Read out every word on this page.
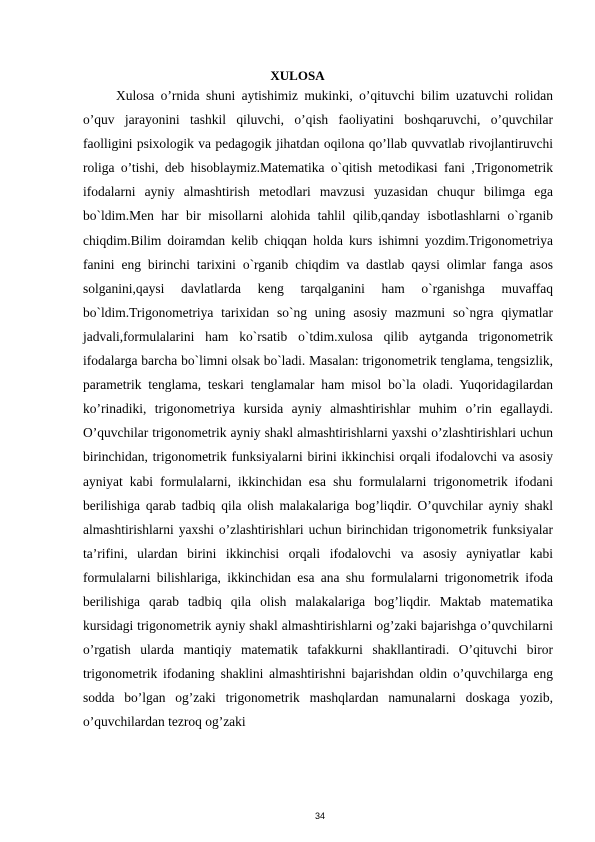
XULOSA

Xulosa o’rnida shuni aytishimiz mukinki, o’qituvchi bilim uzatuvchi rolidan o’quv jarayonini tashkil qiluvchi, o’qish faoliyatini boshqaruvchi, o’quvchilar faolligini psixologik va pedagogik jihatdan oqilona qo’llab quvvatlab rivojlantiruvchi roliga o’tishi, deb hisoblaymiz.Matematika o`qitish metodikasi fani ,Trigonometrik ifodalarni ayniy almashtirish metodlari mavzusi yuzasidan chuqur bilimga ega bo`ldim.Men har bir misollarni alohida tahlil qilib,qanday isbotlashlarni o`rganib chiqdim.Bilim doiramdan kelib chiqqan holda kurs ishimni yozdim.Trigonometriya fanini eng birinchi tarixini o`rganib chiqdim va dastlab qaysi olimlar fanga asos solganini,qaysi davlatlarda keng tarqalganini ham o`rganishga muvaffaq bo`ldim.Trigonometriya tarixidan so`ng uning asosiy mazmuni so`ngra qiymatlar jadvali,formulalarini ham ko`rsatib o`tdim.xulosa qilib aytganda trigonometrik ifodalarga barcha bo`limni olsak bo`ladi. Masalan: trigonometrik tenglama, tengsizlik, parametrik tenglama, teskari tenglamalar ham misol bo`la oladi. Yuqoridagilardan ko’rinadiki, trigonometriya kursida ayniy almashtirishlar muhim o’rin egallaydi. O’quvchilar trigonometrik ayniy shakl almashtirishlarni yaxshi o’zlashtirishlari uchun birinchidan, trigonometrik funksiyalarni birini ikkinchisi orqali ifodalovchi va asosiy ayniyat kabi formulalarni, ikkinchidan esa shu formulalarni trigonometrik ifodani berilishiga qarab tadbiq qila olish malakalariga bog’liqdir. O’quvchilar ayniy shakl almashtirishlarni yaxshi o’zlashtirishlari uchun birinchidan trigonometrik funksiyalar ta’rifini, ulardan birini ikkinchisi orqali ifodalovchi va asosiy ayniyatlar kabi formulalarni bilishlariga, ikkinchidan esa ana shu formulalarni trigonometrik ifoda berilishiga qarab tadbiq qila olish malakalariga bog’liqdir. Maktab matematika kursidagi trigonometrik ayniy shakl almashtirishlarni og’zaki bajarishga o’quvchilarni o’rgatish ularda mantiqiy matematik tafakkurni shakllantiradi. O’qituvchi biror trigonometrik ifodaning shaklini almashtirishni bajarishdan oldin o’quvchilarga eng sodda bo’lgan og’zaki trigonometrik mashqlardan namunalarni doskaga yozib, o’quvchilardan tezroq og’zaki

34
